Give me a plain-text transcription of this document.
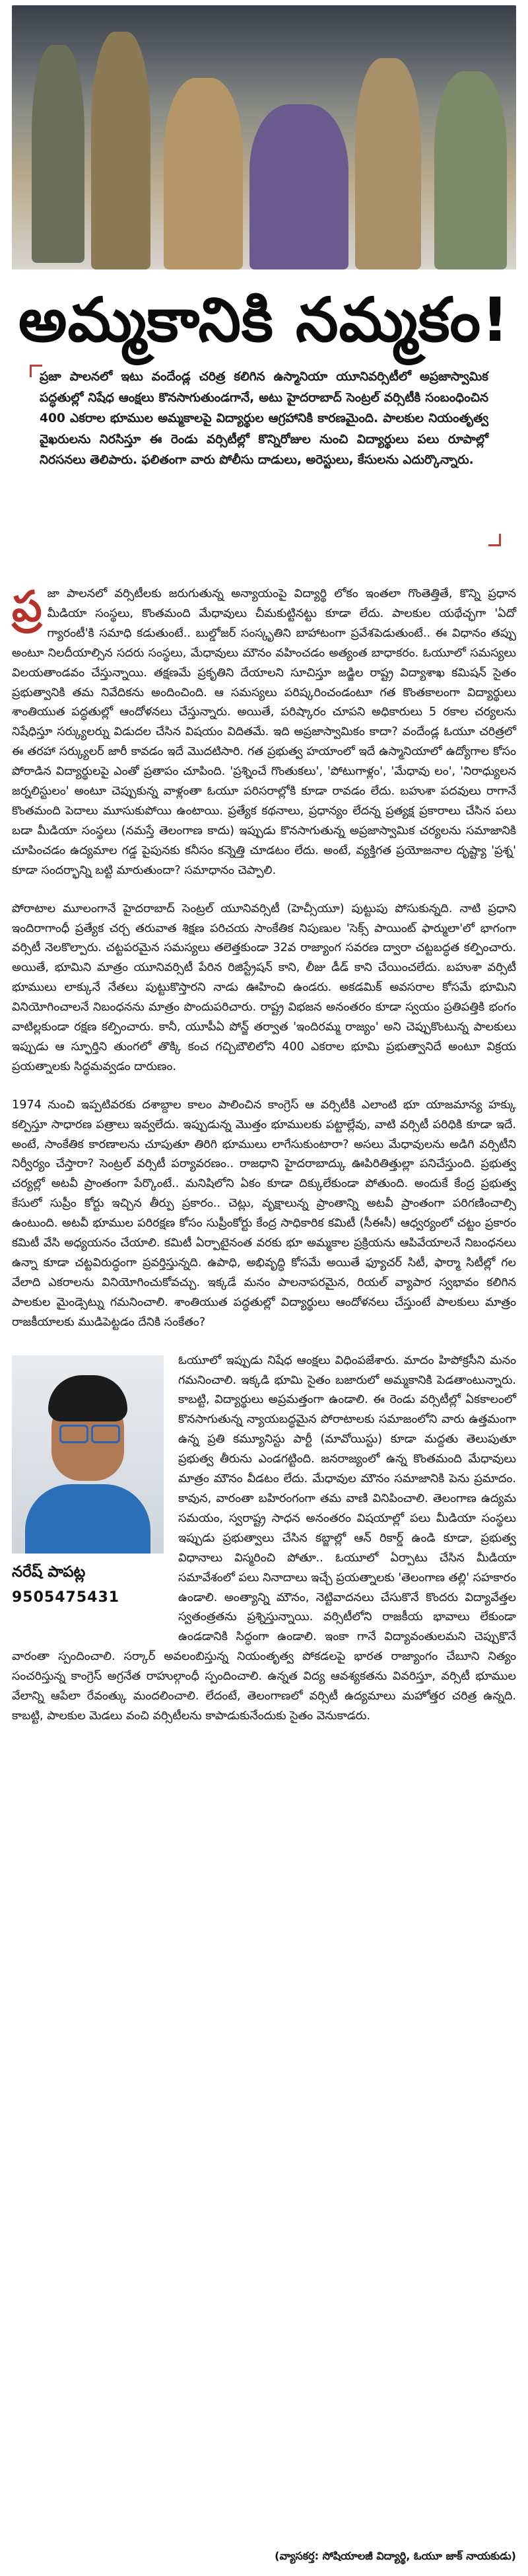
అమ్మకానికి నమ్మకం!
ప్రజా పాలనలో ఇటు వందేండ్ల చరిత్ర కలిగిన ఉస్మానియా యూనివర్సిటీలో అప్రజాస్వామిక పద్ధతుల్లో నిషేధ ఆంక్షలు కొనసాగుతుండగానే, అటు హైదరాబాద్ సెంట్రల్ వర్సిటీకి సంబంధించిన 400 ఎకరాల భూముల అమ్మకాలపై విద్యార్థుల ఆగ్రహానికి కారణమైంది. పాలకుల నియంతృత్వ వైఖరులను నిరసిస్తూ ఈ రెండు వర్సిటీల్లో కొన్నిరోజుల నుంచి విద్యార్థులు పలు రూపాల్లో నిరసనలు తెలిపారు. ఫలితంగా వారు పోలీసు దాడులు, అరెస్టులు, కేసులను ఎదుర్కొన్నారు.

ప్ర జా పాలనలో వర్సిటీలకు జరుగుతున్న అన్యాయంపై విద్యార్థి లోకం ఇంతలా గొంతెత్తితే, కొన్ని ప్రధాన మీడియా సంస్థలు, కొంతమంది మేధావులు చీమకుట్టినట్టు కూడా లేదు. పాలకుల యథేచ్ఛగా 'ఏదో గ్యారంటీ'కి సమాధి కడుతుంటే.. బుల్డోజర్ సంస్కృతిని బాహాటంగా ప్రవేశపెడుతుంటే.. ఈ విధానం తప్పు అంటూ నిలదీయాల్సిన సదరు సంస్థలు, మేధావులు మౌనం వహించడం అత్యంత బాధాకరం. ఓయూలో సమస్యలు విలయతాండవం చేస్తున్నాయి. తక్షణమే ప్రకృతిని దేయాలని సూచిస్తూ జడ్జిల రాష్ట్ర విద్యాశాఖ కమిషన్ సైతం ప్రభుత్వానికి తమ నివేదికను అందించింది. ఆ సమస్యలు పరిష్కరించండంటూ గత కొంతకాలంగా విద్యార్థులు శాంతియుత పద్ధతుల్లో ఆందోళనలు చేస్తున్నారు. అయితే, పరిష్కారం చూపని అధికారులు 5 రకాల చర్యలను నిషేధిస్తూ సర్క్యులర్ను విడుదల చేసిన విషయం విదితమే. ఇది అప్రజాస్వామికం కాదా? వందేండ్ల ఓయూ చరిత్రలో ఈ తరహా సర్క్యులర్ జారీ కావడం ఇదే మొదటిసారి. గత ప్రభుత్వ హయాంలో ఇదే ఉస్మానియాలో ఉద్యోగాల కోసం పోరాడిన విద్యార్థులపై ఎంతో ప్రతాపం చూపింది. 'ప్రశ్నించే గొంతుకలు', 'పోటుగాళ్లం', 'మేధావు లం', 'నిరాధ్యులన జర్నలిస్టులం' అంటూ చెప్పుకున్న వాళ్లంతా ఓయూ పరిసరాల్లోకి కూడా రావడం లేదు. బహుశా పదవులు రాగానే కొంతమంది పెదాలు మూసుకుపోయి ఉంటాయి. ప్రత్యేక కథనాలు, ప్రధాన్యం లేదన్న ప్రత్యక్ష ప్రకారాలు చేసిన పలు బడా మీడియా సంస్థలు (నమస్తే తెలంగాణ కాదు) ఇప్పుడు కొనసాగుతున్న అప్రజాస్వామిక చర్యలను సమాజానికి చూపించడం ఉద్యమాల గడ్డ పైపునకు కనీసం కన్నెత్తి చూడటం లేదు. అంటే, వ్యక్తిగత ప్రయోజనాల దృష్ట్యా 'ప్రశ్న' కూడా సందర్భాన్ని బట్టి మారుతుందా? సమాధానం చెప్పాలి.

పోరాటాల మూలంగానే హైదరాబాద్ సెంట్రల్ యూనివర్సిటీ (హెచ్సీయూ) పుట్టుపు పోసుకున్నది. నాటి ప్రధాని ఇందిరాగాంధీ ప్రత్యేక చర్చ తరువాత శిక్షణ పరిచయ సాంకేతిక నిపుణుల 'సెక్స్ పాయింట్ ఫార్ములా'లో భాగంగా వర్సిటీ నెలకొల్పారు. చట్టపరమైన సమస్యలు తలెత్తకుండా 32వ రాజ్యాంగ సవరణ ద్వారా చట్టబద్ధత కల్పించారు. అయితే, భూమిని మాత్రం యూనివర్సిటీ పేరిన రిజిస్ట్రేషన్ కాని, లీజు డీడ్ కాని చేయించలేదు. బహుశా వర్సిటీ భూములు లాక్కునే నేతలు పుట్టుకొస్తారని నాడు ఊహించి ఉండరు. అకడమిక్ అవసరాల కోసమే భూమిని వినియోగించాలనే నిబంధనను మాత్రం పొందుపరిచారు. రాష్ట్ర విభజన అనంతరం కూడా స్వయం ప్రతిపత్తికి భంగం వాటిల్లకుండా రక్షణ కల్పించారు. కానీ, యూపీఏ పోన్జ్ తర్వాత 'ఇందిరమ్మ రాజ్యం' అని చెప్పుకొంటున్న పాలకులు ఇప్పుడు ఆ స్ఫూర్తిని తుంగలో తొక్కి కంచ గచ్చిబౌలిలోని 400 ఎకరాల భూమి ప్రభుత్వానిదే అంటూ విక్రయ ప్రయత్నాలకు సిద్ధమవ్వడం దారుణం.

1974 నుంచి ఇప్పటివరకు దశాబ్దాల కాలం పాలించిన కాంగ్రెస్ ఆ వర్సిటీకి ఎలాంటి భూ యాజమాన్య హక్కు కల్పిస్తూ సాధారణ పత్రాలు ఇవ్వలేదు. ఇప్పుడున్న మొత్తం భూములకు పట్టాల్లేవు, వాటి వర్సిటీ పరిధికి కూడా ఇదే. అంటే, సాంకేతిక కారణాలను చూపుతూ తిరిగి భూములు లాగేసుకుంటారా? అసలు మేధావులను అడిగి వర్సిటీని నిర్వీర్యం చేస్తారా? సెంట్రల్ వర్సిటీ పర్యావరణం.. రాజధాని హైదరాబాద్కు ఊపిరితిత్తుల్లా పనిచేస్తుంది. ప్రభుత్వ చర్యల్లో అటవీ ప్రాంతంగా పేర్కొంటే.. మనిషిలోని ఏకం కూడా దిక్కులేకుండా పోతుంది. అందుకే కేంద్ర ప్రభుత్వ కేసులో సుప్రీం కోర్టు ఇచ్చిన తీర్పు ప్రకారం.. చెట్లు, వృక్షాలున్న ప్రాంతాన్ని అటవీ ప్రాంతంగా పరిగణించాల్సి ఉంటుంది. అటవీ భూముల పరిరక్షణ కోసం సుప్రీంకోర్టు కేంద్ర సాధికారిక కమిటీ (సీఈసీ) ఆధ్వర్యంలో చట్టం ప్రకారం కమిటీ వేసి అధ్యయనం చేయాలి. కమిటీ ఏర్పాటైనంత వరకు భూ అమ్మకాల ప్రక్రియను ఆపివేయాలనే నిబంధనలు ఉన్నా కూడా చట్టవిరుద్ధంగా ప్రవర్తిస్తున్నది. ఉపాధి, అభివృద్ధి కోసమే అయితే ఫ్యూచర్ సిటీ, ఫార్మా సిటీల్లో గల వేలాది ఎకరాలను వినియోగించుకోవచ్చు. ఇక్కడే మనం పాలనాపరమైన, రియల్ వ్యాపార స్వభావం కలిగిన పాలకుల మైండ్సెట్ను గమనించాలి. శాంతియుత పద్ధతుల్లో విద్యార్థులు ఆందోళనలు చేస్తుంటే పాలకులు మాత్రం రాజకీయాలకు ముడిపెట్టడం దేనికి సంకేతం?

నరేష్ పాపట్ల
9505475431
ఓయూలో ఇప్పుడు నిషేధ ఆంక్షలు విధింపజేశారు. మాదం హిపోక్రసీని మనం గమనించాలి. ఇక్కడి భూమి సైతం బజారులో అమ్మకానికి పెడతాంటున్నారు. కాబట్టి, విద్యార్థులు అప్రమత్తంగా ఉండాలి. ఈ రెండు వర్సిటీల్లో ఏకకాలంలో కొనసాగుతున్న న్యాయబద్ధమైన పోరాటాలకు సమాజంలోని వారు ఉత్తమంగా ఉన్న ప్రతి కమ్యూనిస్టు పార్టీ (మావోయిస్టు) కూడా మద్దతు తెలుపుతూ ప్రభుత్వ తీరును ఎండగట్టింది. జనరాజ్యంలో ఉన్న కొంతమంది మేధావులు మాత్రం మౌనం వీడటం లేదు. మేధావుల మౌనం సమాజానికి పెను ప్రమాదం. కావున, వారంతా బహిరంగంగా తమ వాణి వినిపించాలి. తెలంగాణ ఉద్యమ సమయం, స్వరాష్ట్ర సాధన అనంతరం విషయాల్లో పలు మీడియా సంస్థలు ఇప్పుడు ప్రభుత్వాలు చేసిన కబ్జాల్లో ఆన్ రికార్డ్ ఉండి కూడా, ప్రభుత్వ విధానాలు విస్మరించి పోతూ.. ఓయూలో ఏర్పాటు చేసిన మీడియా సమావేశంలో పలు నినాదాలు ఇచ్చే ప్రయత్నాలకు 'తెలంగాణ తల్లి' సహకారం ఉండాలి. అంత్యాన్ని మౌనం, నెట్టివాదనలు చేసుకొనే కొందరు విద్యావేత్తల స్వతంత్రతను ప్రశ్నిస్తున్నాయి. వర్సిటీలోని రాజకీయ భావాలు లేకుండా ఉండడానికి సిద్ధంగా ఉండాలి. ఇంకా గానే విద్యావంతులమని చెప్పుకొనే వారంతా స్పందించాలి. సర్కార్ అవలంబిస్తున్న నియంతృత్వ పోకడలపై భారత రాజ్యాంగం చేబూని నిత్యం సంచరిస్తున్న కాంగ్రెస్ అగ్రనేత రాహుల్గాంధీ స్పందించాలి. ఉన్నత విద్య ఆవశ్యకతను వివరిస్తూ, వర్సిటీ భూముల వేలాన్ని ఆపేలా రేవంత్కు మందలించాలి. లేదంటే, తెలంగాణలో వర్సిటీ ఉద్యమాలు మహోత్తర చరిత్ర ఉన్నది. కాబట్టి, పాలకుల మెడలు వంచి వర్సిటీలను కాపాడుకునేందుకు సైతం వెనుకాడరు.

(వ్యాసకర్త: సోషియాలజీ విద్యార్థి, ఓయూ జాక్ నాయకుడు)
